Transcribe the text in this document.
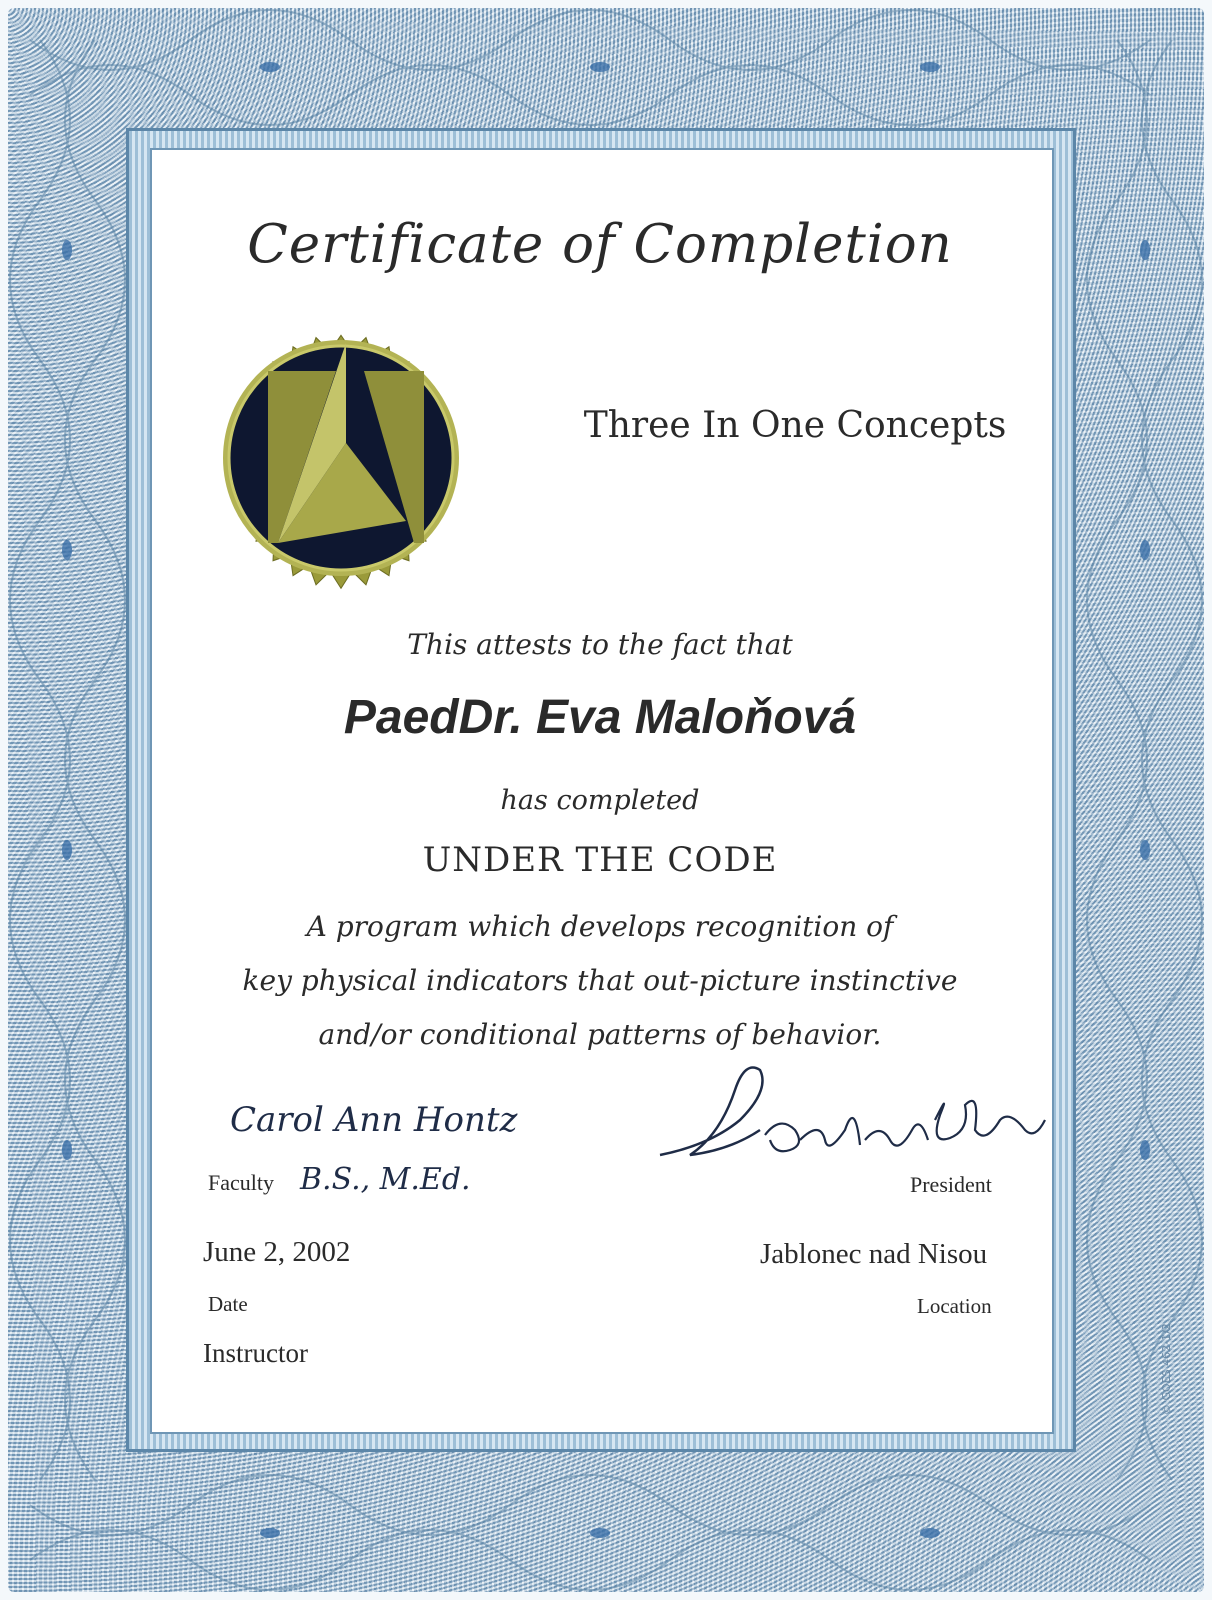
Certificate of Completion
Three In One Concepts
This attests to the fact that
PaedDr. Eva Maloňová
has completed
UNDER THE CODE
A program which develops recognition of
key physical indicators that out-picture instinctive
and/or conditional patterns of behavior.
Carol Ann Hontz
B.S., M.Ed.
Faculty	President
June 2, 2002	Jablonec nad Nisou
Date	Location
Instructor	© GOES 462-1/2
